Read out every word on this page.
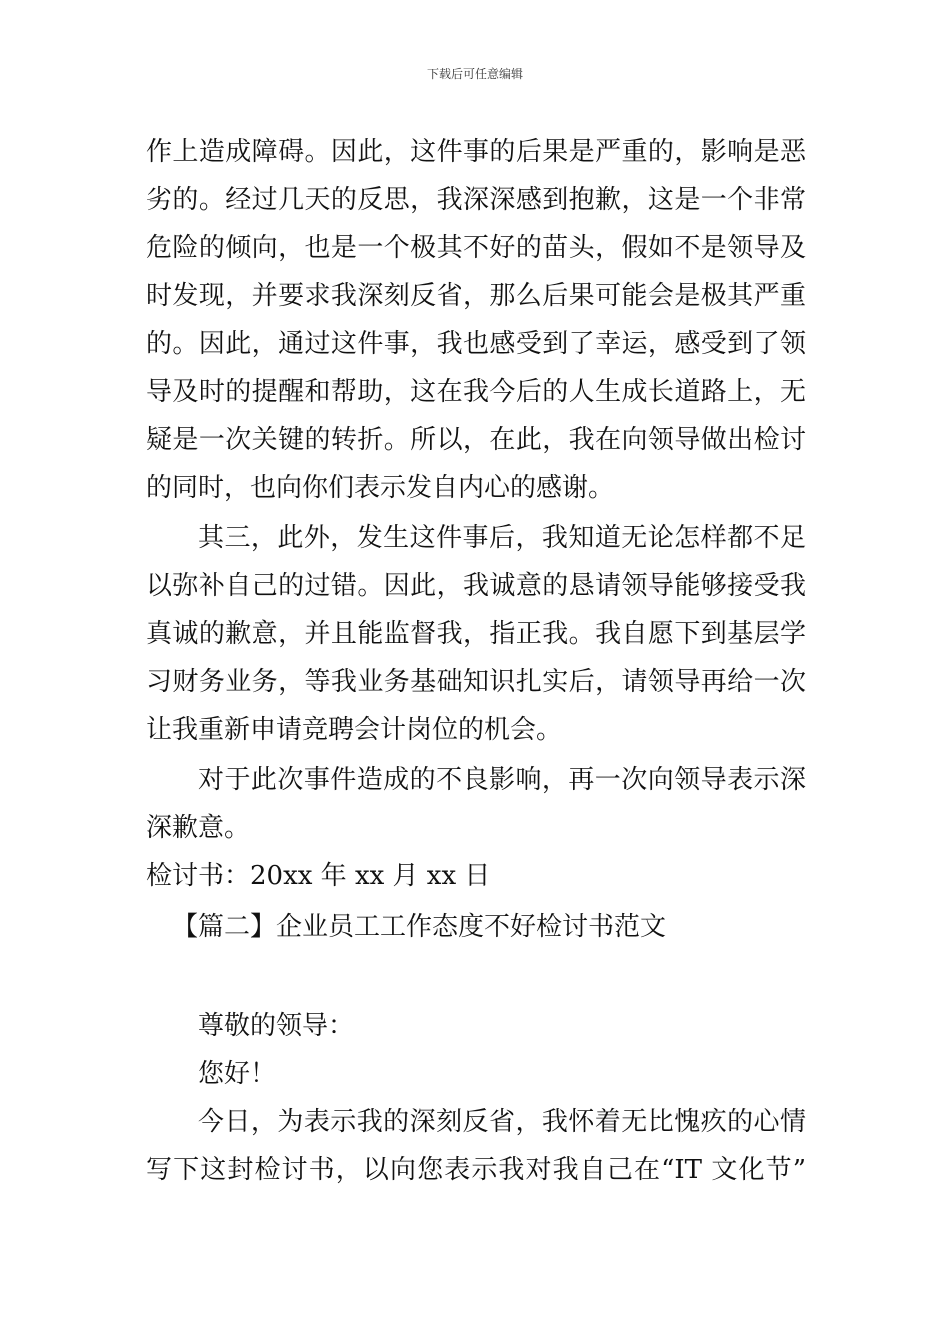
下载后可任意编辑
作上造成障碍。因此，这件事的后果是严重的，影响是恶
劣的。经过几天的反思，我深深感到抱歉，这是一个非常
危险的倾向，也是一个极其不好的苗头，假如不是领导及
时发现，并要求我深刻反省，那么后果可能会是极其严重
的。因此，通过这件事，我也感受到了幸运，感受到了领
导及时的提醒和帮助，这在我今后的人生成长道路上，无
疑是一次关键的转折。所以，在此，我在向领导做出检讨
的同时，也向你们表示发自内心的感谢。
其三，此外，发生这件事后，我知道无论怎样都不足
以弥补自己的过错。因此，我诚意的恳请领导能够接受我
真诚的歉意，并且能监督我，指正我。我自愿下到基层学
习财务业务，等我业务基础知识扎实后，请领导再给一次
让我重新申请竞聘会计岗位的机会。
对于此次事件造成的不良影响，再一次向领导表示深
深歉意。
检讨书：20xx 年 xx 月 xx 日
【篇二】企业员工工作态度不好检讨书范文
尊敬的领导：
您好！
今日，为表示我的深刻反省，我怀着无比愧疚的心情
写下这封检讨书，以向您表示我对我自己在“IT 文化节”
